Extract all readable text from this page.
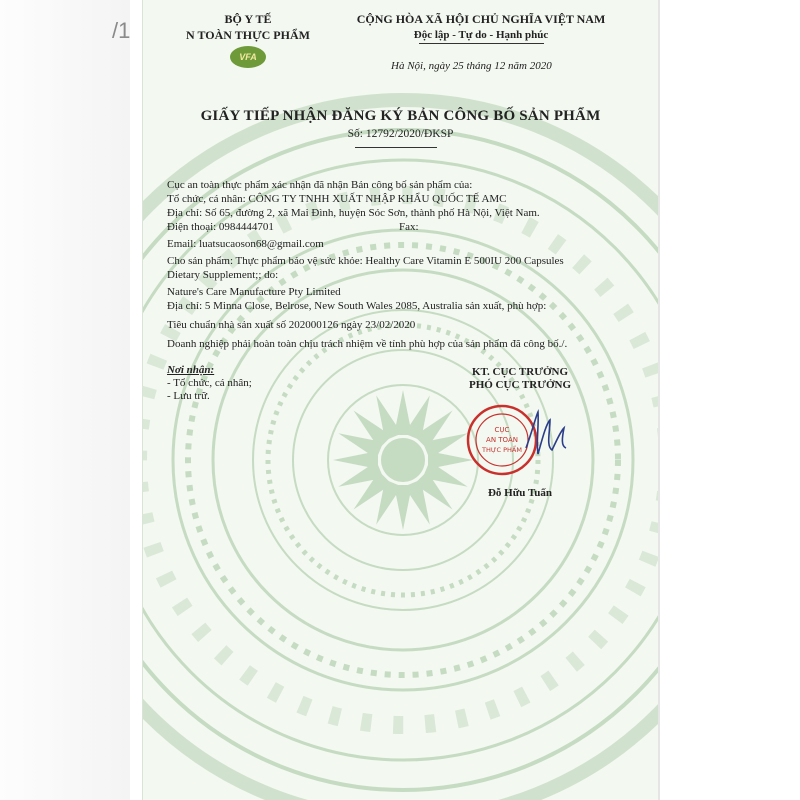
/1	BỘ Y TẾ
N TOÀN THỰC PHẨM
VFA
CỘNG HÒA XÃ HỘI CHỦ NGHĨA VIỆT NAM
Độc lập - Tự do - Hạnh phúc
Hà Nội, ngày 25 tháng 12 năm 2020
GIẤY TIẾP NHẬN ĐĂNG KÝ BẢN CÔNG BỐ SẢN PHẨM
Số: 12792/2020/ĐKSP

Cục an toàn thực phẩm xác nhận đã nhận Bản công bố sản phẩm của:

Tổ chức, cá nhân: CÔNG TY TNHH XUẤT NHẬP KHẨU QUỐC TẾ AMC

Địa chỉ: Số 65, đường 2, xã Mai Đình, huyện Sóc Sơn, thành phố Hà Nội, Việt Nam.

Điện thoại: 0984444701	Fax:

Email: luatsucaoson68@gmail.com

Cho sản phẩm: Thực phẩm bảo vệ sức khỏe: Healthy Care Vitamin E 500IU 200 Capsules

Dietary Supplement;; do:

Nature's Care Manufacture Pty Limited

Địa chỉ: 5 Minna Close, Belrose, New South Wales 2085, Australia sản xuất, phù hợp:

Tiêu chuẩn nhà sản xuất số 202000126 ngày 23/02/2020

Doanh nghiệp phải hoàn toàn chịu trách nhiệm về tính phù hợp của sản phẩm đã công bố./.

Nơi nhận:
- Tổ chức, cá nhân;
- Lưu trữ.
KT. CỤC TRƯỞNG
PHÓ CỤC TRƯỞNG
CỤC
AN TOÀN
THỰC PHẨM
Đỗ Hữu Tuấn
